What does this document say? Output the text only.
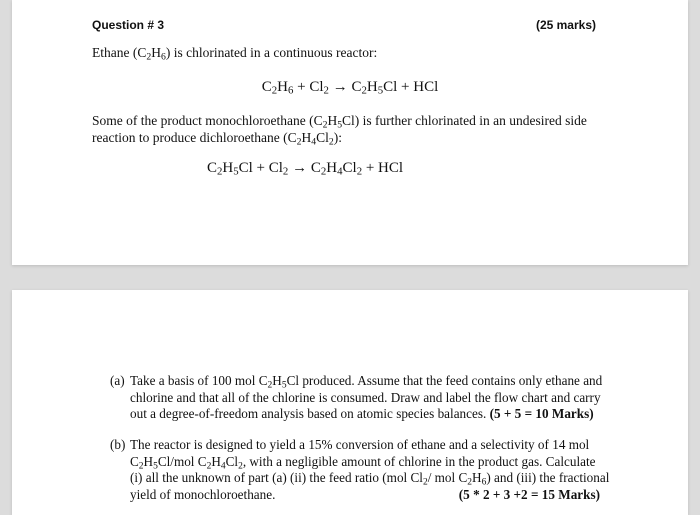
Question # 3	(25 marks)
Ethane $(C_2H_6)$ is chlorinated in a continuous reactor:
$C_2H_6 + Cl_2 \to C_2H_5Cl$ + HCl
Some of the product monochloroethane $(C_2H_5Cl)$ is further chlorinated in an undesired side
reaction to produce dichloroethane $(C_2H_4Cl_2)$:
$C_2H_5Cl + Cl_2 \to C_2H_4Cl_2$ + HCl
(a) Take a basis of 100 mol $C_2H_5Cl$ produced. Assume that the feed contains only ethane and
chlorine and that all of the chlorine is consumed. Draw and label the flow chart and carry
out a degree-of-freedom analysis based on atomic species balances. (5 + 5 = 10 Marks)
(b) The reactor is designed to yield a 15% conversion of ethane and a selectivity of 14 mol
$C_2H_5Cl$/mol $C_2H_4Cl_2$, with a negligible amount of chlorine in the product gas. Calculate
(i) all the unknown of part (a) (ii) the feed ratio (mol $Cl_2/$ mol $C_2H_6$) and (iii) the fractional
yield of monochloroethane.	(5 * 2 + 3 +2 = 15 Marks)
